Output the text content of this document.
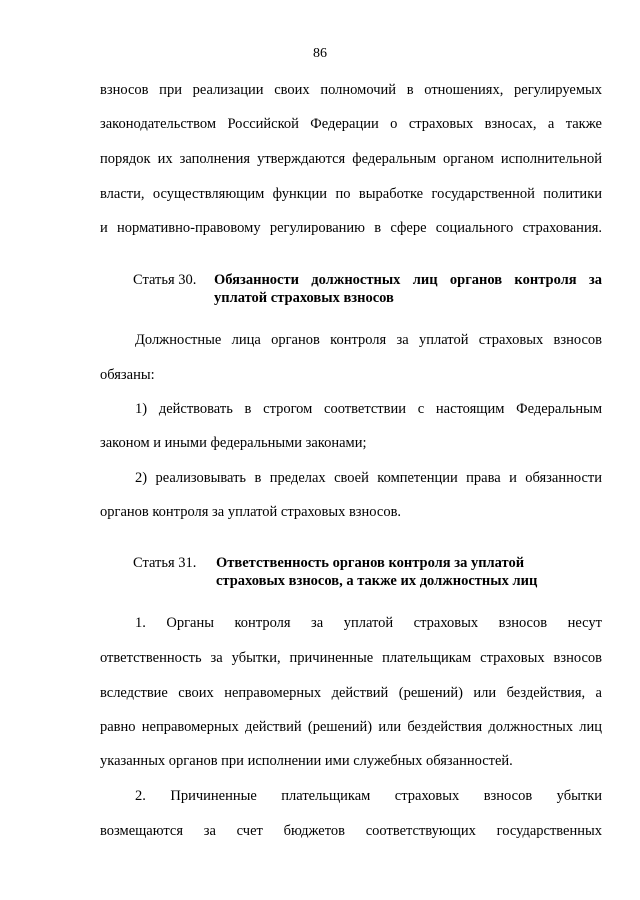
86
взносов при реализации своих полномочий в отношениях, регулируемых
законодательством Российской Федерации о страховых взносах, а также
порядок их заполнения утверждаются федеральным органом исполнительной
власти, осуществляющим функции по выработке государственной политики
и нормативно-правовому регулированию в сфере социального страхования.
Статья 30. Обязанности должностных лиц органов контроля за
уплатой страховых взносов
Должностные лица органов контроля за уплатой страховых взносов
обязаны:
1) действовать в строгом соответствии с настоящим Федеральным
законом и иными федеральными законами;
2) реализовывать в пределах своей компетенции права и обязанности
органов контроля за уплатой страховых взносов.
Статья 31. Ответственность органов контроля за уплатой
страховых взносов, а также их должностных лиц
1. Органы контроля за уплатой страховых взносов несут
ответственность за убытки, причиненные плательщикам страховых взносов
вследствие своих неправомерных действий (решений) или бездействия, а
равно неправомерных действий (решений) или бездействия должностных лиц
указанных органов при исполнении ими служебных обязанностей.
2. Причиненные плательщикам страховых взносов убытки
возмещаются за счет бюджетов соответствующих государственных
